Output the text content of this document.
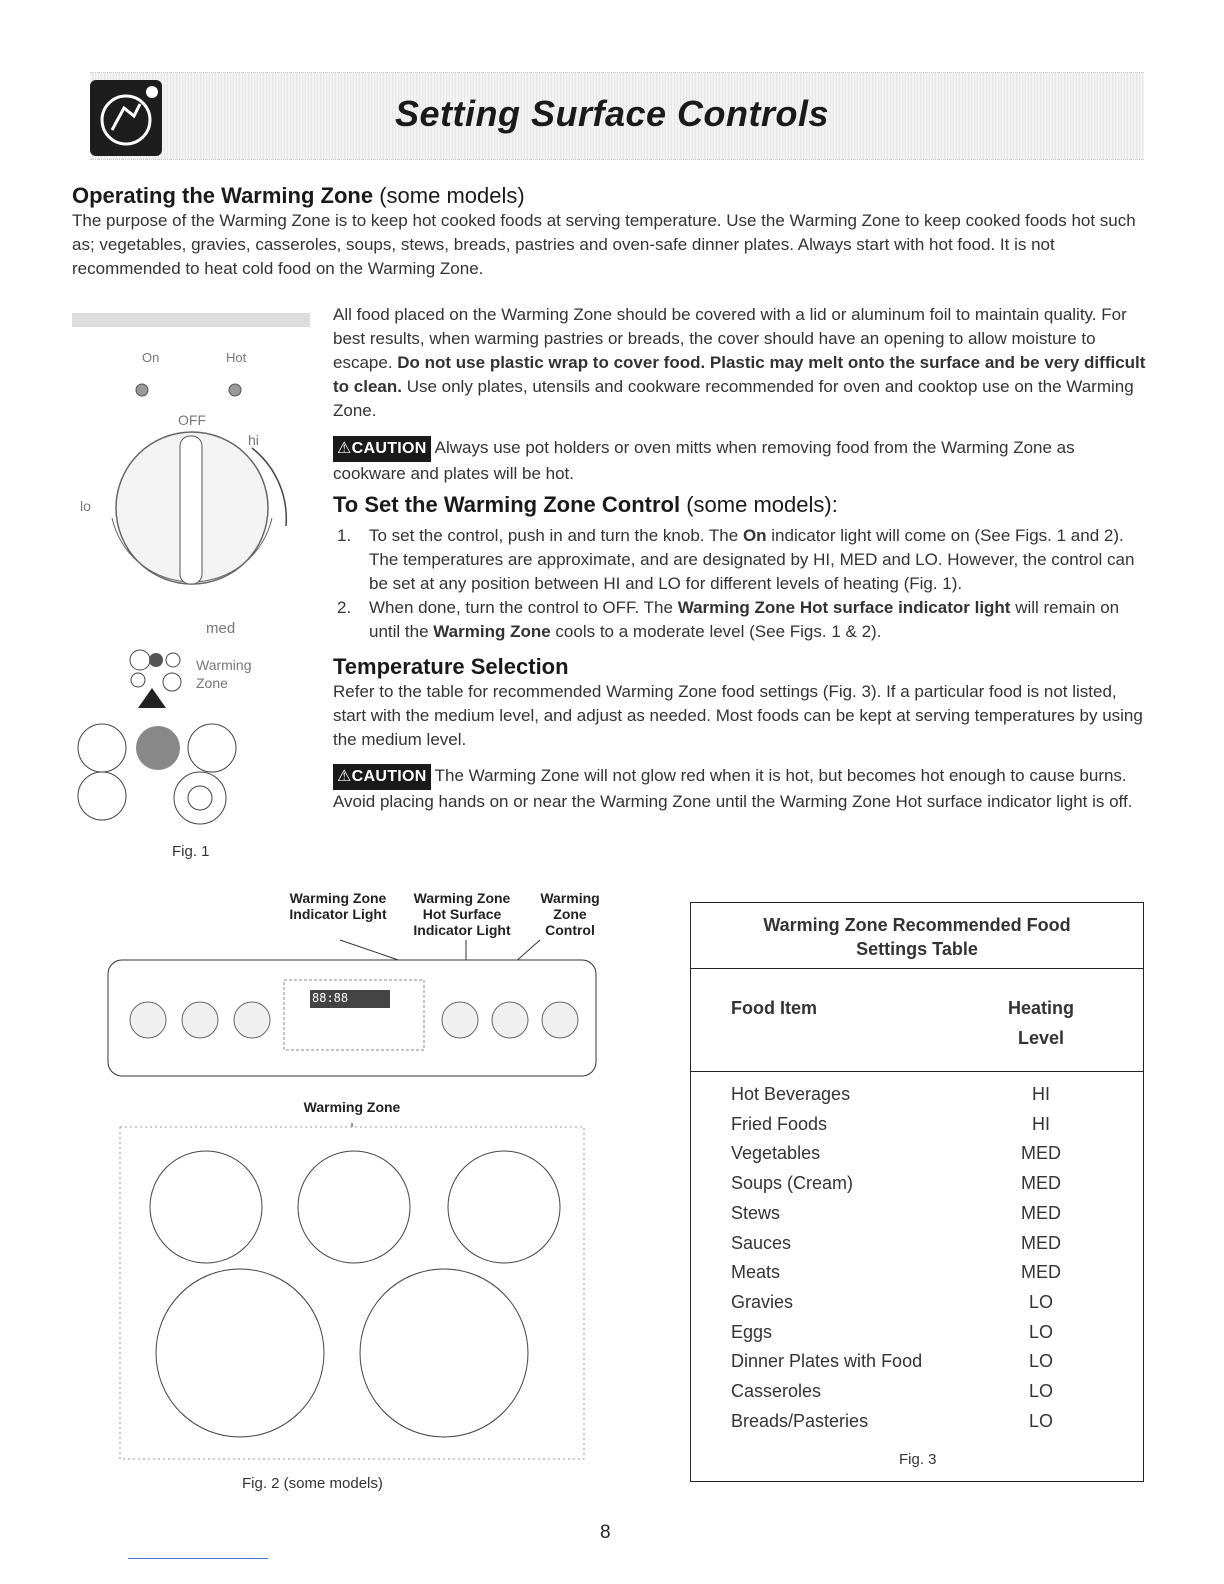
Setting Surface Controls
Operating the Warming Zone (some models)
The purpose of the Warming Zone is to keep hot cooked foods at serving temperature. Use the Warming Zone to keep cooked foods hot such as; vegetables, gravies, casseroles, soups, stews, breads, pastries and oven-safe dinner plates. Always start with hot food. It is not recommended to heat cold food on the Warming Zone.
On	Hot
OFF
hi
lo
med
Warming
Zone
Fig. 1
All food placed on the Warming Zone should be covered with a lid or aluminum foil to maintain quality. For best results, when warming pastries or breads, the cover should have an opening to allow moisture to escape. Do not use plastic wrap to cover food. Plastic may melt onto the surface and be very difficult to clean. Use only plates, utensils and cookware recommended for oven and cooktop use on the Warming Zone.
⚠CAUTION Always use pot holders or oven mitts when removing food from the Warming Zone as cookware and plates will be hot.
To Set the Warming Zone Control (some models):
1. To set the control, push in and turn the knob. The On indicator light will come on (See Figs. 1 and 2). The temperatures are approximate, and are designated by HI, MED and LO. However, the control can be set at any position between HI and LO for different levels of heating (Fig. 1).
2. When done, turn the control to OFF. The Warming Zone Hot surface indicator light will remain on until the Warming Zone cools to a moderate level (See Figs. 1 & 2).
Temperature Selection
Refer to the table for recommended Warming Zone food settings (Fig. 3). If a particular food is not listed, start with the medium level, and adjust as needed. Most foods can be kept at serving temperatures by using the medium level.
⚠CAUTION The Warming Zone will not glow red when it is hot, but becomes hot enough to cause burns. Avoid placing hands on or near the Warming Zone until the Warming Zone Hot surface indicator light is off.
Warming Zone Indicator Light
Warming Zone Hot Surface Indicator Light
Warming Zone Control
88:88
Warming Zone
Fig. 2 (some models)
Warming Zone Recommended Food Settings Table
Food Item	Heating Level
Hot Beverages	HI
Fried Foods	HI
Vegetables	MED
Soups (Cream)	MED
Stews	MED
Sauces	MED
Meats	MED
Gravies	LO
Eggs	LO
Dinner Plates with Food	LO
Casseroles	LO
Breads/Pasteries	LO
Fig. 3
8
